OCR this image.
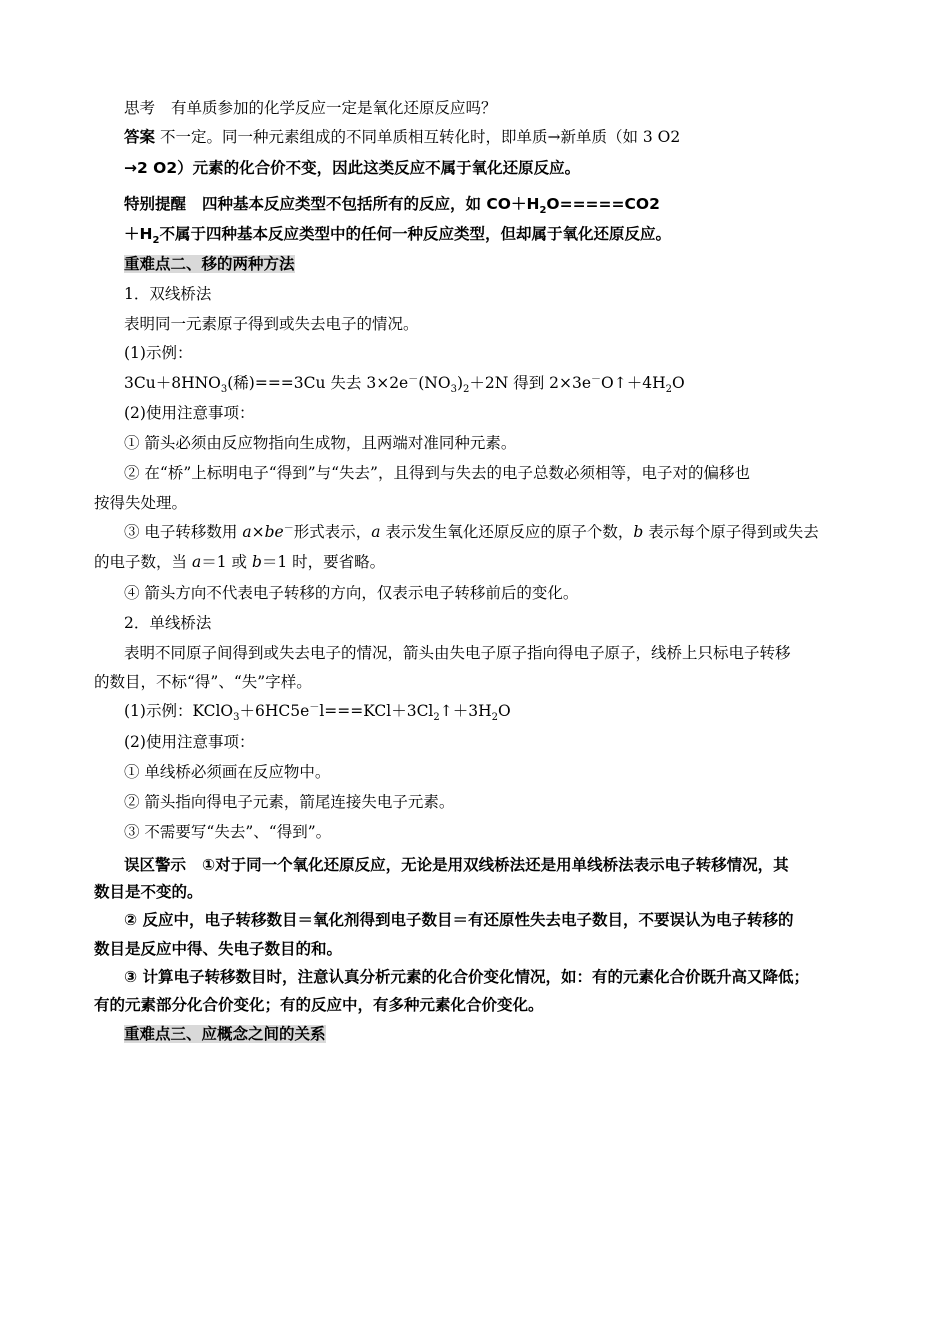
思考 有单质参加的化学反应一定是氧化还原反应吗？
答案 不一定。同一种元素组成的不同单质相互转化时，即单质→新单质（如 3 O2
→2 O2）元素的化合价不变，因此这类反应不属于氧化还原反应。
特别提醒 四种基本反应类型不包括所有的反应，如 $CO+H_2O=====CO2$
$+H_2$不属于四种基本反应类型中的任何一种反应类型，但却属于氧化还原反应。
重难点二、移的两种方法
1．双线桥法
表明同一元素原子得到或失去电子的情况。
(1)示例：
$3Cu+8HNO_3$(稀)===3Cu 失去 $3\times 2e^-(NO_3)_2+2N$ 得到 $2\times 3e^-O↑+4H_2O$
(2)使用注意事项：
① 箭头必须由反应物指向生成物，且两端对准同种元素。
② 在“桥”上标明电子“得到”与“失去”，且得到与失去的电子总数必须相等，电子对的偏移也
按得失处理。
③ 电子转移数用 a×be－形式表示，a 表示发生氧化还原反应的原子个数，b 表示每个原子得到或失去
的电子数，当 a＝1 或 b＝1 时，要省略。
④ 箭头方向不代表电子转移的方向，仅表示电子转移前后的变化。
2．单线桥法
表明不同原子间得到或失去电子的情况，箭头由失电子原子指向得电子原子，线桥上只标电子转移
的数目，不标“得”、“失”字样。
(1)示例：$KClO_3+6HC5e^-l===KCl+3Cl_2↑+3H_2O$
(2)使用注意事项：
① 单线桥必须画在反应物中。
② 箭头指向得电子元素，箭尾连接失电子元素。
③ 不需要写“失去”、“得到”。
误区警示 ①对于同一个氧化还原反应，无论是用双线桥法还是用单线桥法表示电子转移情况，其
数目是不变的。
② 反应中，电子转移数目＝氧化剂得到电子数目＝有还原性失去电子数目，不要误认为电子转移的
数目是反应中得、失电子数目的和。
③ 计算电子转移数目时，注意认真分析元素的化合价变化情况，如：有的元素化合价既升高又降低；
有的元素部分化合价变化；有的反应中，有多种元素化合价变化。
重难点三、应概念之间的关系
